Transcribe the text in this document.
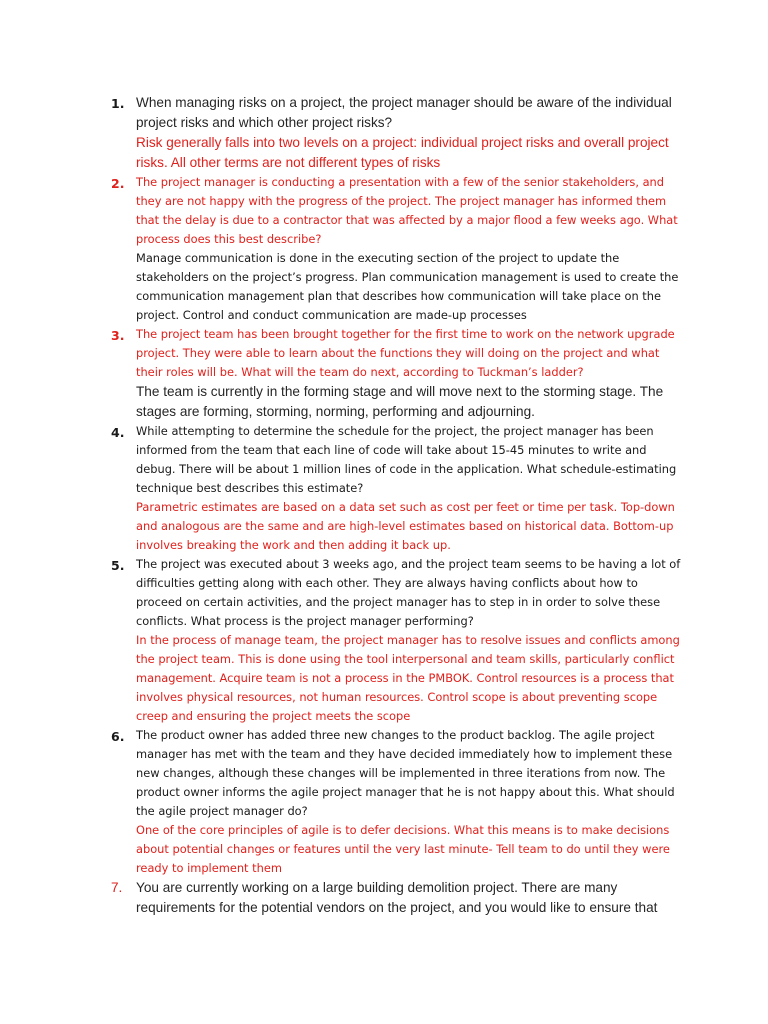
1. When managing risks on a project, the project manager should be aware of the individual project risks and which other project risks?

Risk generally falls into two levels on a project: individual project risks and overall project risks. All other terms are not different types of risks

2. The project manager is conducting a presentation with a few of the senior stakeholders, and they are not happy with the progress of the project. The project manager has informed them that the delay is due to a contractor that was affected by a major flood a few weeks ago. What process does this best describe?

Manage communication is done in the executing section of the project to update the stakeholders on the project’s progress. Plan communication management is used to create the communication management plan that describes how communication will take place on the project. Control and conduct communication are made-up processes

3. The project team has been brought together for the first time to work on the network upgrade project. They were able to learn about the functions they will doing on the project and what their roles will be. What will the team do next, according to Tuckman’s ladder?

The team is currently in the forming stage and will move next to the storming stage. The stages are forming, storming, norming, performing and adjourning.

4. While attempting to determine the schedule for the project, the project manager has been informed from the team that each line of code will take about 15-45 minutes to write and debug. There will be about 1 million lines of code in the application. What schedule-estimating technique best describes this estimate?

Parametric estimates are based on a data set such as cost per feet or time per task. Top-down and analogous are the same and are high-level estimates based on historical data. Bottom-up involves breaking the work and then adding it back up.

5. The project was executed about 3 weeks ago, and the project team seems to be having a lot of difficulties getting along with each other. They are always having conflicts about how to proceed on certain activities, and the project manager has to step in in order to solve these conflicts. What process is the project manager performing?

In the process of manage team, the project manager has to resolve issues and conflicts among the project team. This is done using the tool interpersonal and team skills, particularly conflict management. Acquire team is not a process in the PMBOK. Control resources is a process that involves physical resources, not human resources. Control scope is about preventing scope creep and ensuring the project meets the scope

6. The product owner has added three new changes to the product backlog. The agile project manager has met with the team and they have decided immediately how to implement these new changes, although these changes will be implemented in three iterations from now. The product owner informs the agile project manager that he is not happy about this. What should the agile project manager do?

One of the core principles of agile is to defer decisions. What this means is to make decisions about potential changes or features until the very last minute- Tell team to do until they were ready to implement them

7. You are currently working on a large building demolition project. There are many requirements for the potential vendors on the project, and you would like to ensure that
